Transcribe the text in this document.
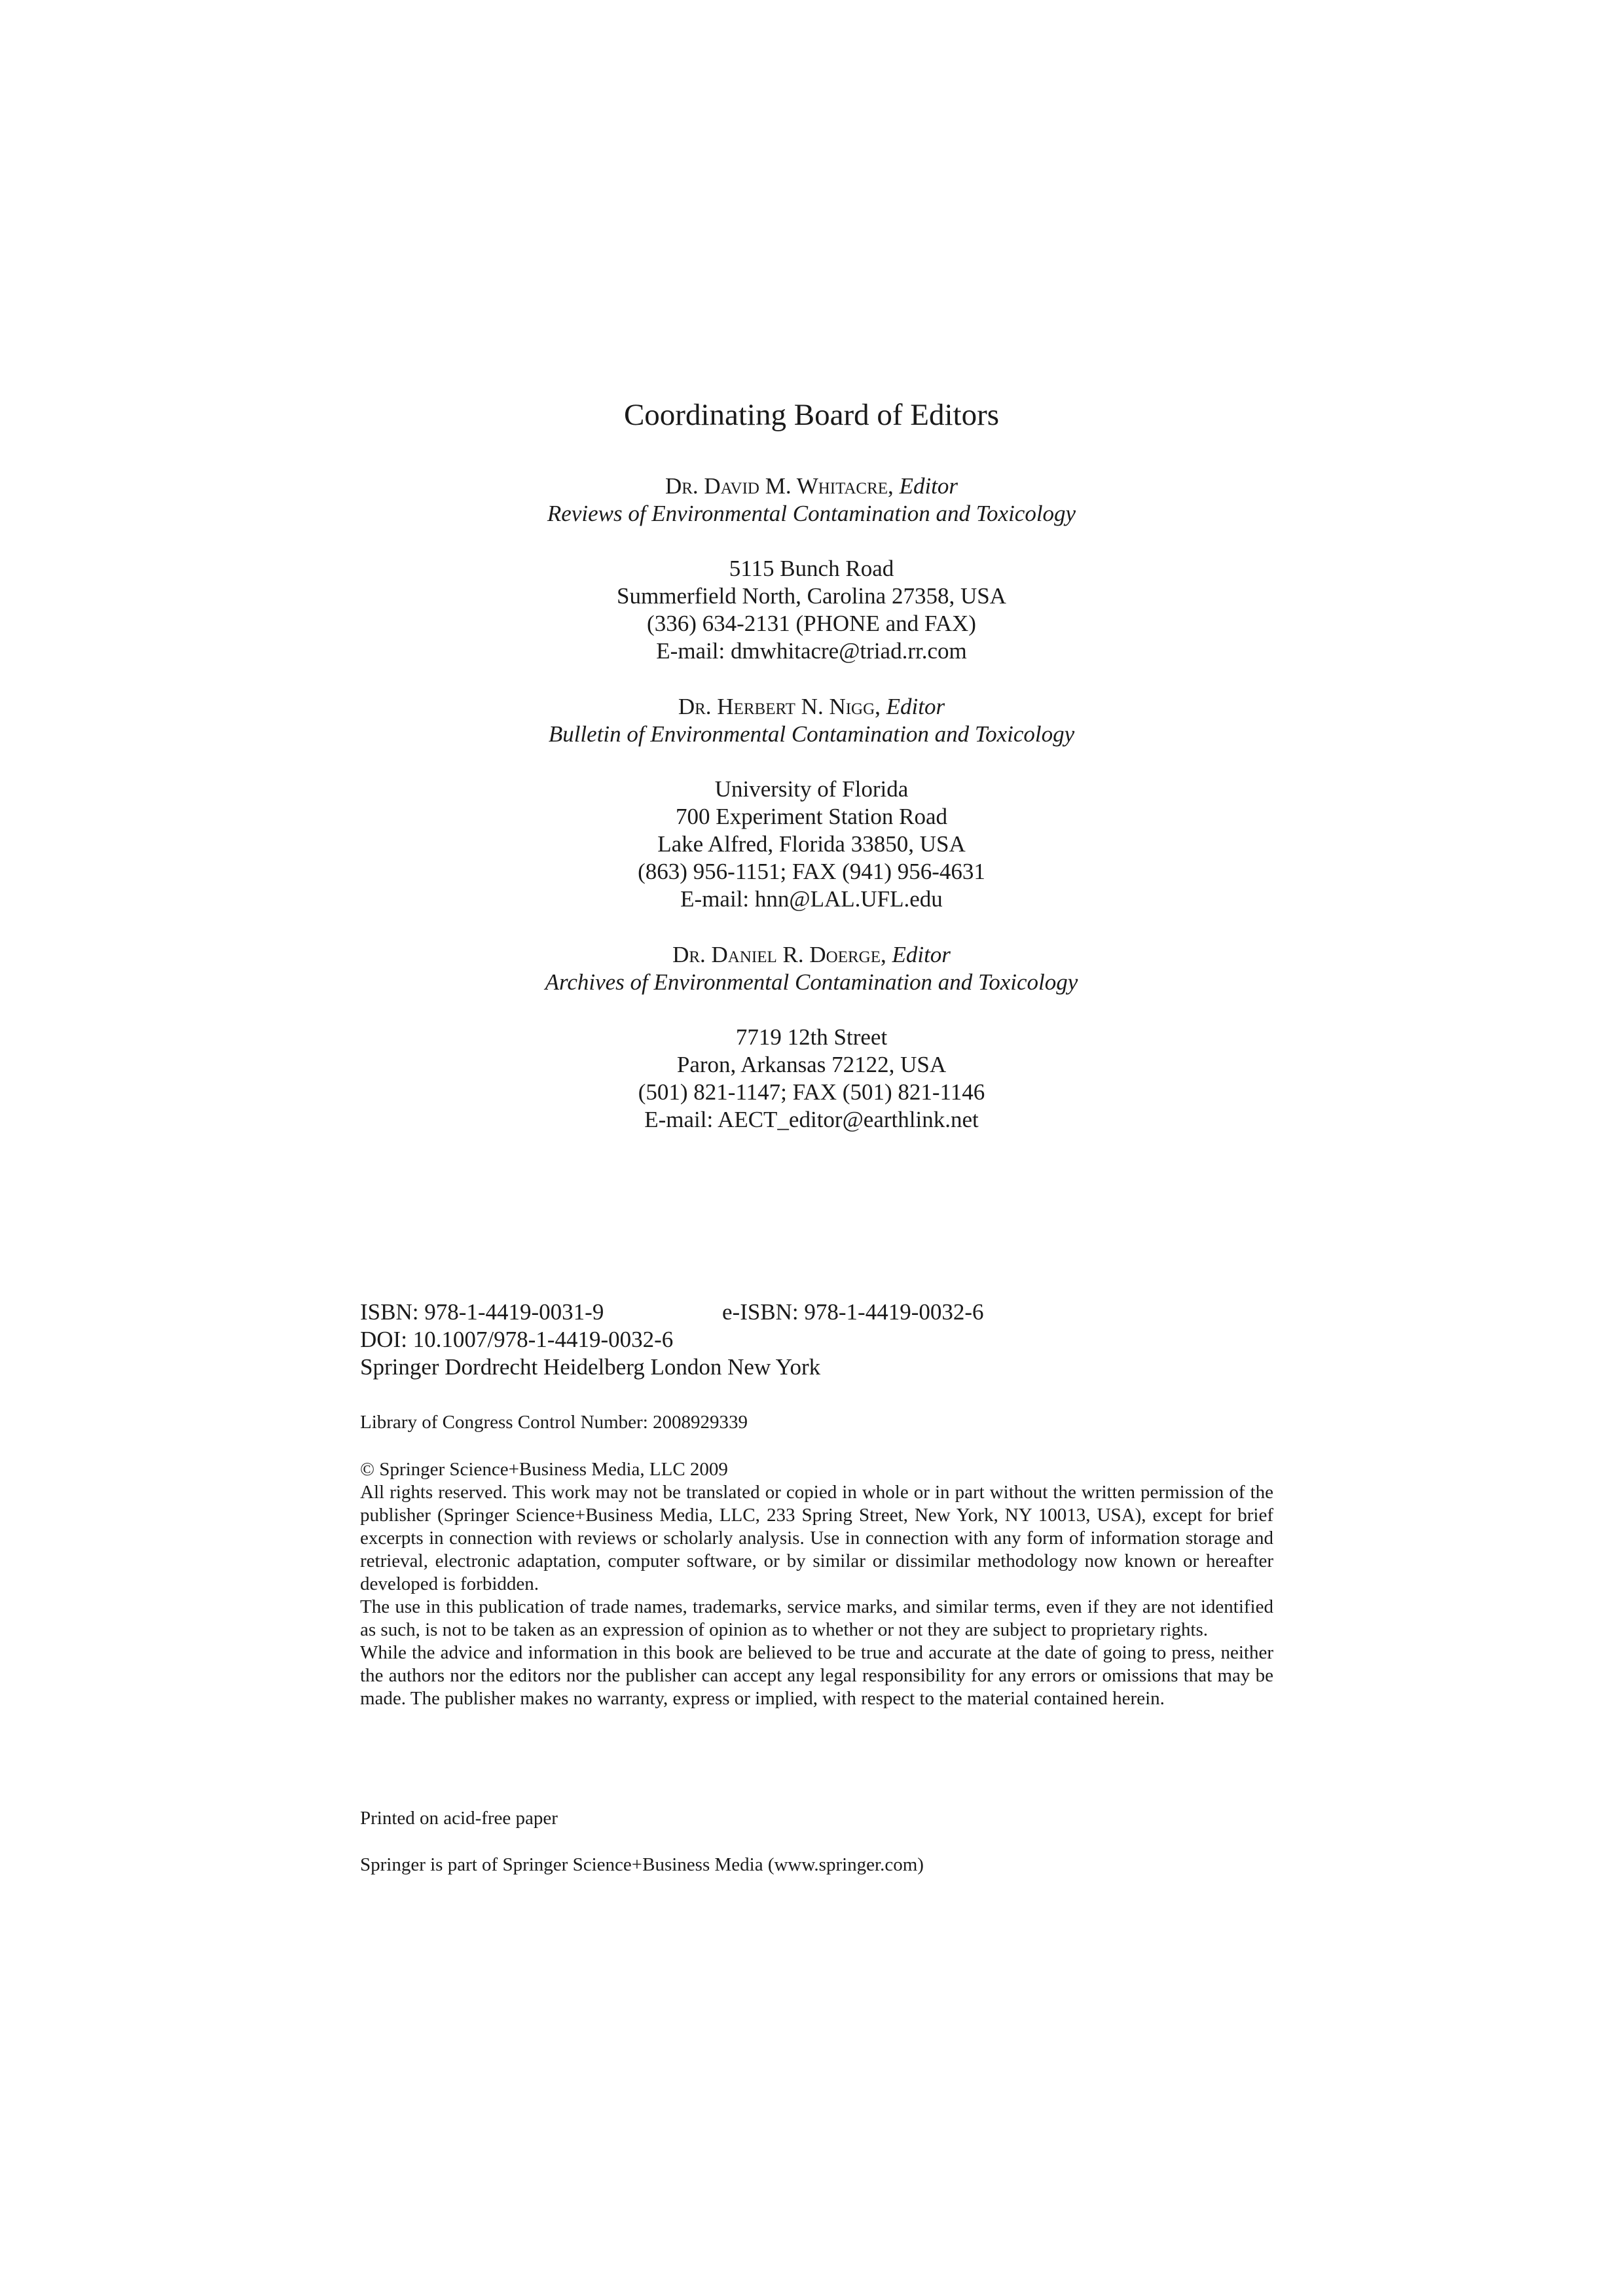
Coordinating Board of Editors
Dr. David M. Whitacre, Editor
Reviews of Environmental Contamination and Toxicology
5115 Bunch Road
Summerfield North, Carolina 27358, USA
(336) 634-2131 (PHONE and FAX)
E-mail: dmwhitacre@triad.rr.com
Dr. Herbert N. Nigg, Editor
Bulletin of Environmental Contamination and Toxicology
University of Florida
700 Experiment Station Road
Lake Alfred, Florida 33850, USA
(863) 956-1151; FAX (941) 956-4631
E-mail: hnn@LAL.UFL.edu
Dr. Daniel R. Doerge, Editor
Archives of Environmental Contamination and Toxicology
7719 12th Street
Paron, Arkansas 72122, USA
(501) 821-1147; FAX (501) 821-1146
E-mail: AECT_editor@earthlink.net
ISBN: 978-1-4419-0031-9	e-ISBN: 978-1-4419-0032-6
DOI: 10.1007/978-1-4419-0032-6
Springer Dordrecht Heidelberg London New York
Library of Congress Control Number: 2008929339

© Springer Science+Business Media, LLC 2009

All rights reserved. This work may not be translated or copied in whole or in part without the written permission of the publisher (Springer Science+Business Media, LLC, 233 Spring Street, New York, NY 10013, USA), except for brief excerpts in connection with reviews or scholarly analysis. Use in connection with any form of information storage and retrieval, electronic adaptation, computer software, or by similar or dissimilar methodology now known or hereafter developed is forbidden.

The use in this publication of trade names, trademarks, service marks, and similar terms, even if they are not identified as such, is not to be taken as an expression of opinion as to whether or not they are subject to proprietary rights.

While the advice and information in this book are believed to be true and accurate at the date of going to press, neither the authors nor the editors nor the publisher can accept any legal responsibility for any errors or omissions that may be made. The publisher makes no warranty, express or implied, with respect to the material contained herein.

Printed on acid-free paper
Springer is part of Springer Science+Business Media (www.springer.com)
